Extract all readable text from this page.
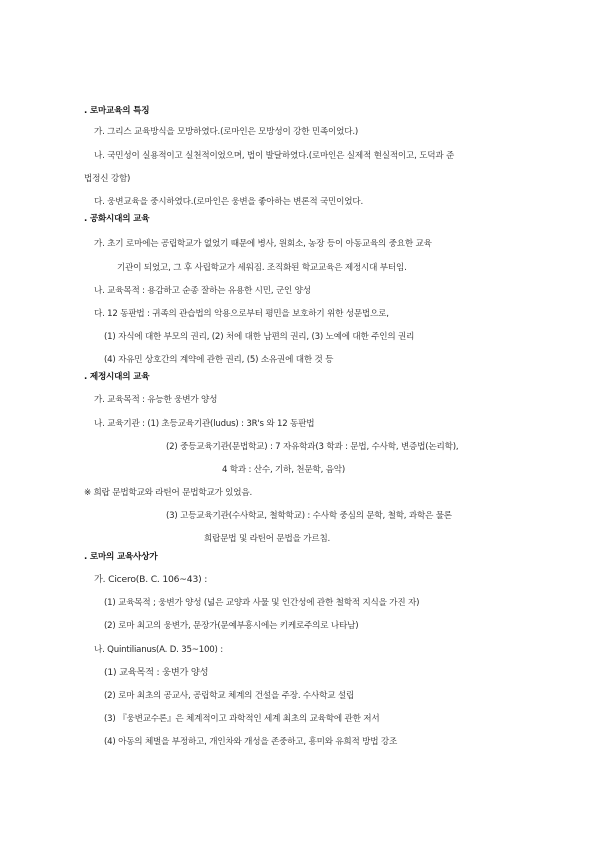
. 로마교육의 특징
가. 그리스 교육방식을 모방하였다.(로마인은 모방성이 강한 민족이었다.)
나. 국민성이 실용적이고 실천적이었으며, 법이 발달하였다.(로마인은 실제적 현실적이고, 도덕과 준
법정신 강함)
다. 웅변교육을 중시하였다.(로마인은 웅변을 좋아하는 변론적 국민이었다.
. 공화시대의 교육
가. 초기 로마에는 공립학교가 없었기 때문에 병사, 원회소, 농장 등이 아동교육의 중요한 교육
기관이 되었고, 그 후 사립학교가 세워짐. 조직화된 학교교육은 제정시대 부터임.
나. 교육목적 : 용감하고 순종 잘하는 유용한 시민, 군인 양성
다. 12 동판법 : 귀족의 관습법의 악용으로부터 평민을 보호하기 위한 성문법으로,
(1) 자식에 대한 부모의 권리, (2) 처에 대한 남편의 권리, (3) 노예에 대한 주인의 권리
(4) 자유민 상호간의 계약에 관한 권리, (5) 소유권에 대한 것 등
. 제정시대의 교육
가. 교육목적 : 유능한 웅변가 양성
나. 교육기관 : (1) 초등교육기관(ludus) : 3R's 와 12 동판법
(2) 중등교육기관(문법학교) : 7 자유학과(3 학과 : 문법, 수사학, 변증법(논리학),
4 학과 : 산수, 기하, 천문학, 음악)
※ 희랍 문법학교와 라틴어 문법학교가 있었음.
(3) 고등교육기관(수사학교, 철학학교) : 수사학 중심의 문학, 철학, 과학은 물론
희랍문법 및 라틴어 문법을 가르침.
. 로마의 교육사상가
가. Cicero(B. C. 106~43) :
(1) 교육목적 ; 웅변가 양성 (넓은 교양과 사물 및 인간성에 관한 철학적 지식을 가진 자)
(2) 로마 최고의 웅변가, 문장가(문예부흥시에는 키케로주의로 나타남)
나. Quintilianus(A. D. 35~100) :
(1) 교육목적 : 웅변가 양성
(2) 로마 최초의 공교사, 공립학교 체계의 건설을 주장. 수사학교 설립
(3) 『웅변교수론』은 체계적이고 과학적인 세계 최초의 교육학에 관한 저서
(4) 아동의 체벌을 부정하고, 개인차와 개성을 존중하고, 흥미와 유희적 방법 강조
